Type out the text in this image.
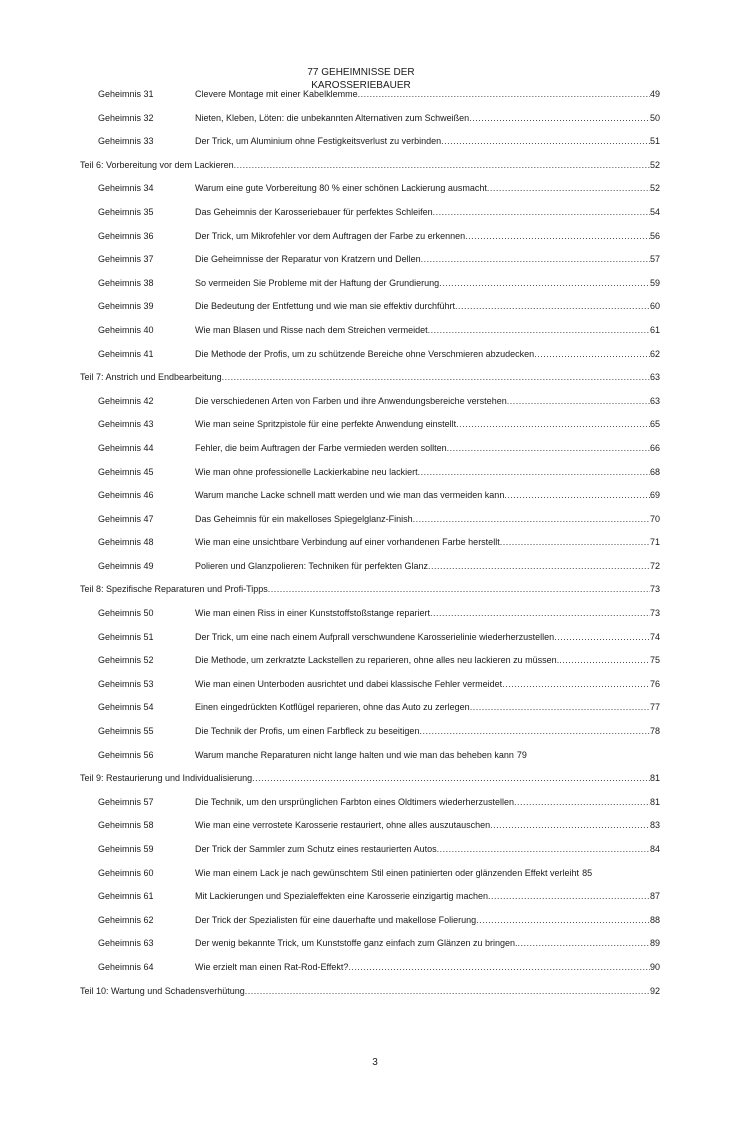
77 GEHEIMNISSE DER
KAROSSERIEBAUER
Geheimnis 31	Clevere Montage mit einer Kabelklemme .....	49
Geheimnis 32	Nieten, Kleben, Löten: die unbekannten Alternativen zum Schweißen .....	50
Geheimnis 33	Der Trick, um Aluminium ohne Festigkeitsverlust zu verbinden .....	51
Teil 6: Vorbereitung vor dem Lackieren .....	52
Geheimnis 34	Warum eine gute Vorbereitung 80 % einer schönen Lackierung ausmacht .....	52
Geheimnis 35	Das Geheimnis der Karosseriebauer für perfektes Schleifen .....	54
Geheimnis 36	Der Trick, um Mikrofehler vor dem Auftragen der Farbe zu erkennen .....	56
Geheimnis 37	Die Geheimnisse der Reparatur von Kratzern und Dellen .....	57
Geheimnis 38	So vermeiden Sie Probleme mit der Haftung der Grundierung .....	59
Geheimnis 39	Die Bedeutung der Entfettung und wie man sie effektiv durchführt .....	60
Geheimnis 40	Wie man Blasen und Risse nach dem Streichen vermeidet .....	61
Geheimnis 41	Die Methode der Profis, um zu schützende Bereiche ohne Verschmieren abzudecken .....	62
Teil 7: Anstrich und Endbearbeitung .....	63
Geheimnis 42	Die verschiedenen Arten von Farben und ihre Anwendungsbereiche verstehen .....	63
Geheimnis 43	Wie man seine Spritzpistole für eine perfekte Anwendung einstellt .....	65
Geheimnis 44	Fehler, die beim Auftragen der Farbe vermieden werden sollten .....	66
Geheimnis 45	Wie man ohne professionelle Lackierkabine neu lackiert .....	68
Geheimnis 46	Warum manche Lacke schnell matt werden und wie man das vermeiden kann .....	69
Geheimnis 47	Das Geheimnis für ein makelloses Spiegelglanz-Finish .....	70
Geheimnis 48	Wie man eine unsichtbare Verbindung auf einer vorhandenen Farbe herstellt .....	71
Geheimnis 49	Polieren und Glanzpolieren: Techniken für perfekten Glanz .....	72
Teil 8: Spezifische Reparaturen und Profi-Tipps .....	73
Geheimnis 50	Wie man einen Riss in einer Kunststoffstoßstange repariert .....	73
Geheimnis 51	Der Trick, um eine nach einem Aufprall verschwundene Karosserielinie wiederherzustellen .....	74
Geheimnis 52	Die Methode, um zerkratzte Lackstellen zu reparieren, ohne alles neu lackieren zu müssen. .....	75
Geheimnis 53	Wie man einen Unterboden ausrichtet und dabei klassische Fehler vermeidet .....	76
Geheimnis 54	Einen eingedrückten Kotflügel reparieren, ohne das Auto zu zerlegen .....	77
Geheimnis 55	Die Technik der Profis, um einen Farbfleck zu beseitigen .....	78
Geheimnis 56	Warum manche Reparaturen nicht lange halten und wie man das beheben kann 79
Teil 9: Restaurierung und Individualisierung .....	81
Geheimnis 57	Die Technik, um den ursprünglichen Farbton eines Oldtimers wiederherzustellen .....	81
Geheimnis 58	Wie man eine verrostete Karosserie restauriert, ohne alles auszutauschen .....	83
Geheimnis 59	Der Trick der Sammler zum Schutz eines restaurierten Autos .....	84
Geheimnis 60	Wie man einem Lack je nach gewünschtem Stil einen patinierten oder glänzenden Effekt verleiht 85
Geheimnis 61	Mit Lackierungen und Spezialeffekten eine Karosserie einzigartig machen .....	87
Geheimnis 62	Der Trick der Spezialisten für eine dauerhafte und makellose Folierung .....	88
Geheimnis 63	Der wenig bekannte Trick, um Kunststoffe ganz einfach zum Glänzen zu bringen. .....	89
Geheimnis 64	Wie erzielt man einen Rat-Rod-Effekt? .....	90
Teil 10: Wartung und Schadensverhütung .....	92
3
